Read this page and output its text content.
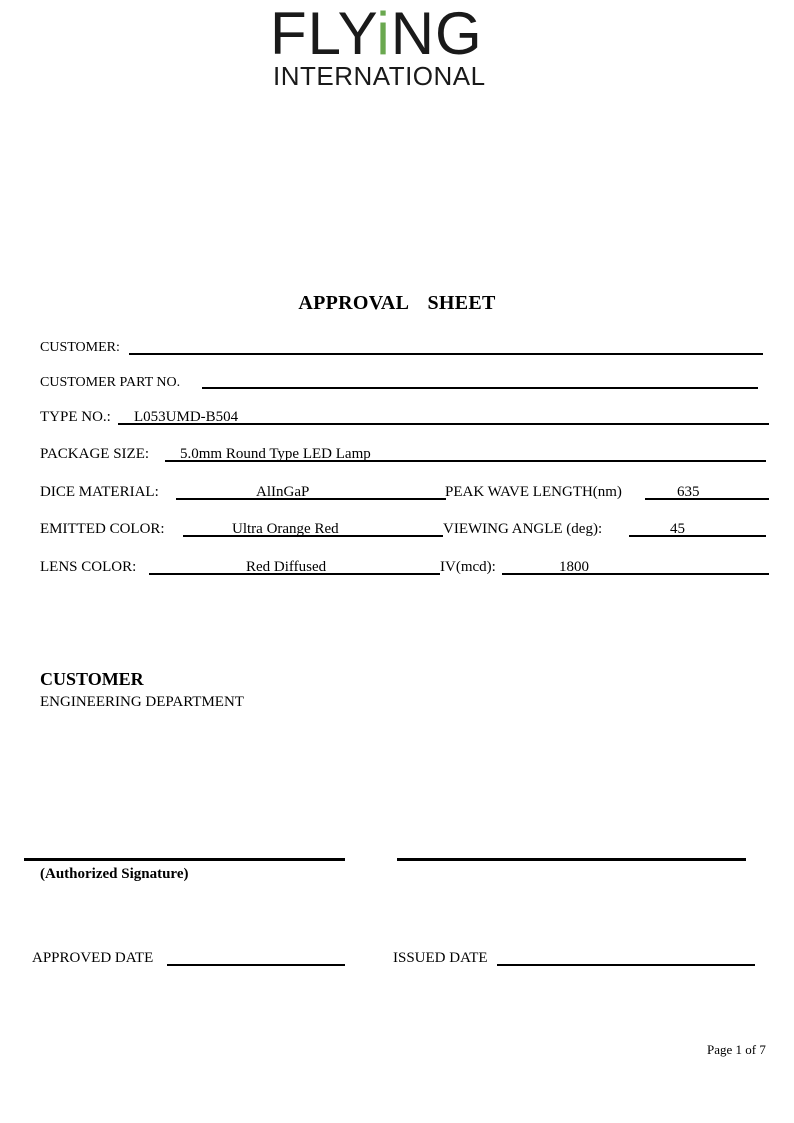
FLYiNG
INTERNATIONAL
APPROVAL SHEET
CUSTOMER:
CUSTOMER PART NO.
TYPE NO.: L053UMD-B504
PACKAGE SIZE: 5.0mm Round Type LED Lamp
DICE MATERIAL:	AlInGaP	PEAK WAVE LENGTH(nm)	635
EMITTED COLOR:	Ultra Orange Red	VIEWING ANGLE (deg):	45
LENS COLOR:	Red Diffused	IV(mcd):	1800
CUSTOMER
ENGINEERING DEPARTMENT
(Authorized Signature)
APPROVED DATE	ISSUED DATE
Page 1 of 7
